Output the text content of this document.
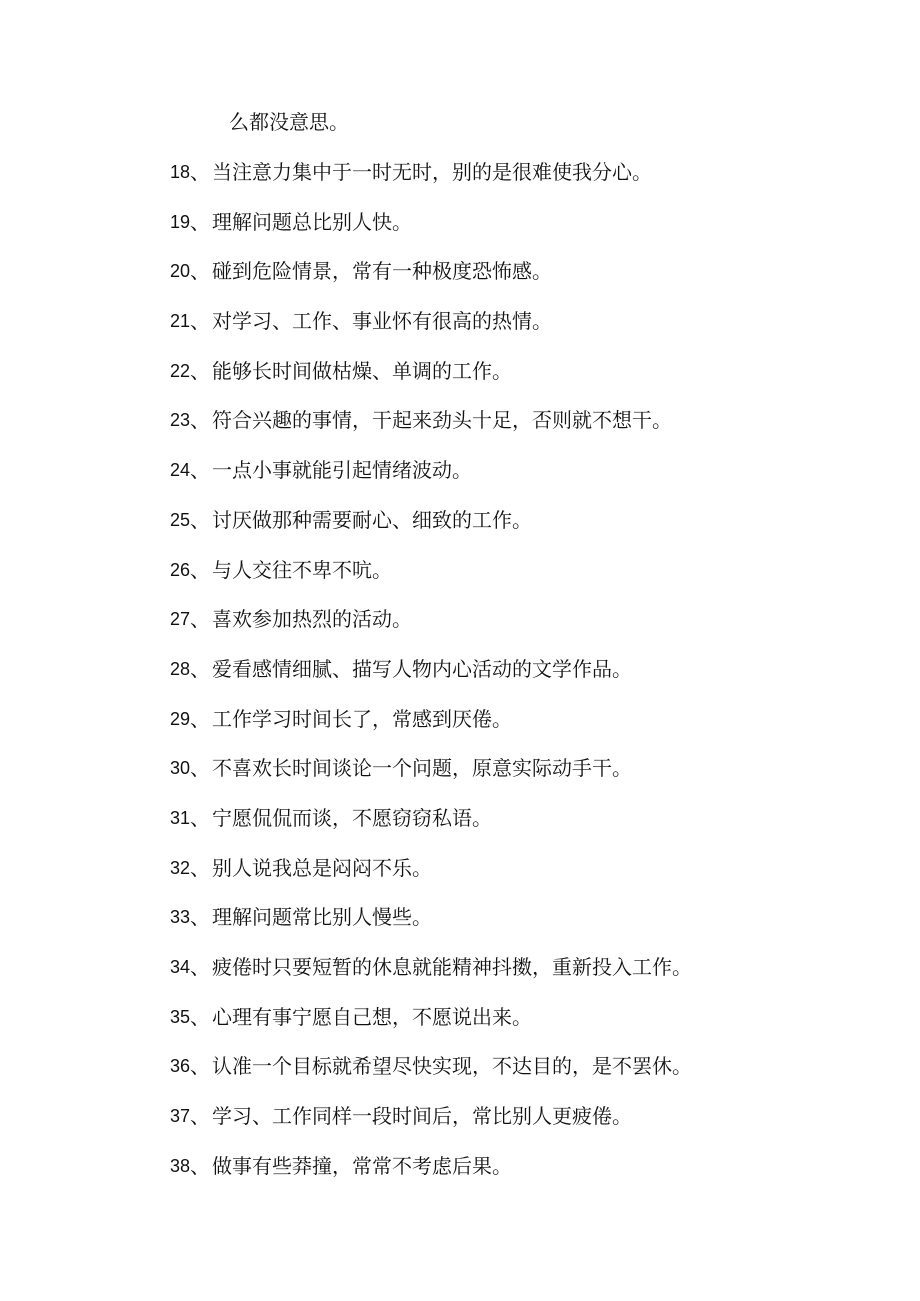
么都没意思。
18 、 当注意力集中于一时无时，别的是很难使我分心。
19 、 理解问题总比别人快。
20 、 碰到危险情景，常有一种极度恐怖感。
21 、 对学习、工作、事业怀有很高的热情。
22 、 能够长时间做枯燥、单调的工作。
23 、 符合兴趣的事情，干起来劲头十足，否则就不想干。
24 、 一点小事就能引起情绪波动。
25 、 讨厌做那种需要耐心、细致的工作。
26 、 与人交往不卑不吭。
27 、 喜欢参加热烈的活动。
28 、 爱看感情细腻、描写人物内心活动的文学作品。
29 、 工作学习时间长了，常感到厌倦。
30 、 不喜欢长时间谈论一个问题，原意实际动手干。
31 、 宁愿侃侃而谈，不愿窃窃私语。
32 、 别人说我总是闷闷不乐。
33 、 理解问题常比别人慢些。
34 、 疲倦时只要短暂的休息就能精神抖擞，重新投入工作。
35 、 心理有事宁愿自己想，不愿说出来。
36 、 认准一个目标就希望尽快实现，不达目的，是不罢休。
37 、 学习、工作同样一段时间后，常比别人更疲倦。
38 、 做事有些莽撞，常常不考虑后果。
